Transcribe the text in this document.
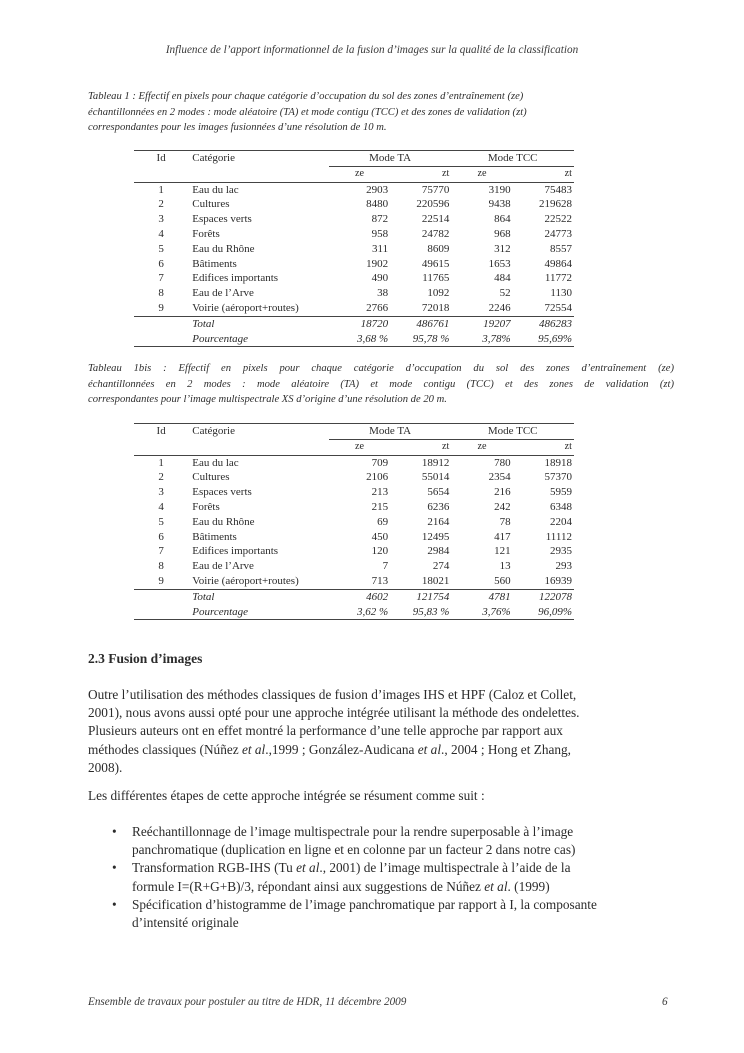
Influence de l’apport informationnel de la fusion d’images sur la qualité de la classification
Tableau 1 : Effectif en pixels pour chaque catégorie d’occupation du sol des zones d’entraînement (ze)
échantillonnées en 2 modes : mode aléatoire (TA) et mode contigu (TCC) et des zones de validation (zt)
correspondantes pour les images fusionnées d’une résolution de 10 m.
Id	Catégorie	Mode TA		Mode TCC	
		ze	zt	ze	zt
1	Eau du lac	2903	75770	3190	75483
2	Cultures	8480	220596	9438	219628
3	Espaces verts	872	22514	864	22522
4	Forêts	958	24782	968	24773
5	Eau du Rhône	311	8609	312	8557
6	Bâtiments	1902	49615	1653	49864
7	Edifices importants	490	11765	484	11772
8	Eau de l’Arve	38	1092	52	1130
9	Voirie (aéroport+routes)	2766	72018	2246	72554
	Total	18720	486761	19207	486283
	Pourcentage	3,68 %	95,78 %	3,78%	95,69%
Tableau 1bis : Effectif en pixels pour chaque catégorie d’occupation du sol des zones d’entraînement (ze)
échantillonnées en 2 modes : mode aléatoire (TA) et mode contigu (TCC) et des zones de validation (zt)
correspondantes pour l’image multispectrale XS d’origine d’une résolution de 20 m.
Id	Catégorie	Mode TA		Mode TCC	
		ze	zt	ze	zt
1	Eau du lac	709	18912	780	18918
2	Cultures	2106	55014	2354	57370
3	Espaces verts	213	5654	216	5959
4	Forêts	215	6236	242	6348
5	Eau du Rhône	69	2164	78	2204
6	Bâtiments	450	12495	417	11112
7	Edifices importants	120	2984	121	2935
8	Eau de l’Arve	7	274	13	293
9	Voirie (aéroport+routes)	713	18021	560	16939
	Total	4602	121754	4781	122078
	Pourcentage	3,62 %	95,83 %	3,76%	96,09%
2.3 Fusion d’images
Outre l’utilisation des méthodes classiques de fusion d’images IHS et HPF (Caloz et Collet,
2001), nous avons aussi opté pour une approche intégrée utilisant la méthode des ondelettes.
Plusieurs auteurs ont en effet montré la performance d’une telle approche par rapport aux
méthodes classiques (Núñez et al.,1999 ; González-Audicana et al., 2004 ; Hong et Zhang,
2008).
Les différentes étapes de cette approche intégrée se résument comme suit :
• Reéchantillonnage de l’image multispectrale pour la rendre superposable à l’image
panchromatique (duplication en ligne et en colonne par un facteur 2 dans notre cas)
• Transformation RGB-IHS (Tu et al., 2001) de l’image multispectrale à l’aide de la
formule I=(R+G+B)/3, répondant ainsi aux suggestions de Núñez et al. (1999)
• Spécification d’histogramme de l’image panchromatique par rapport à I, la composante
d’intensité originale
Ensemble de travaux pour postuler au titre de HDR, 11 décembre 2009	6
